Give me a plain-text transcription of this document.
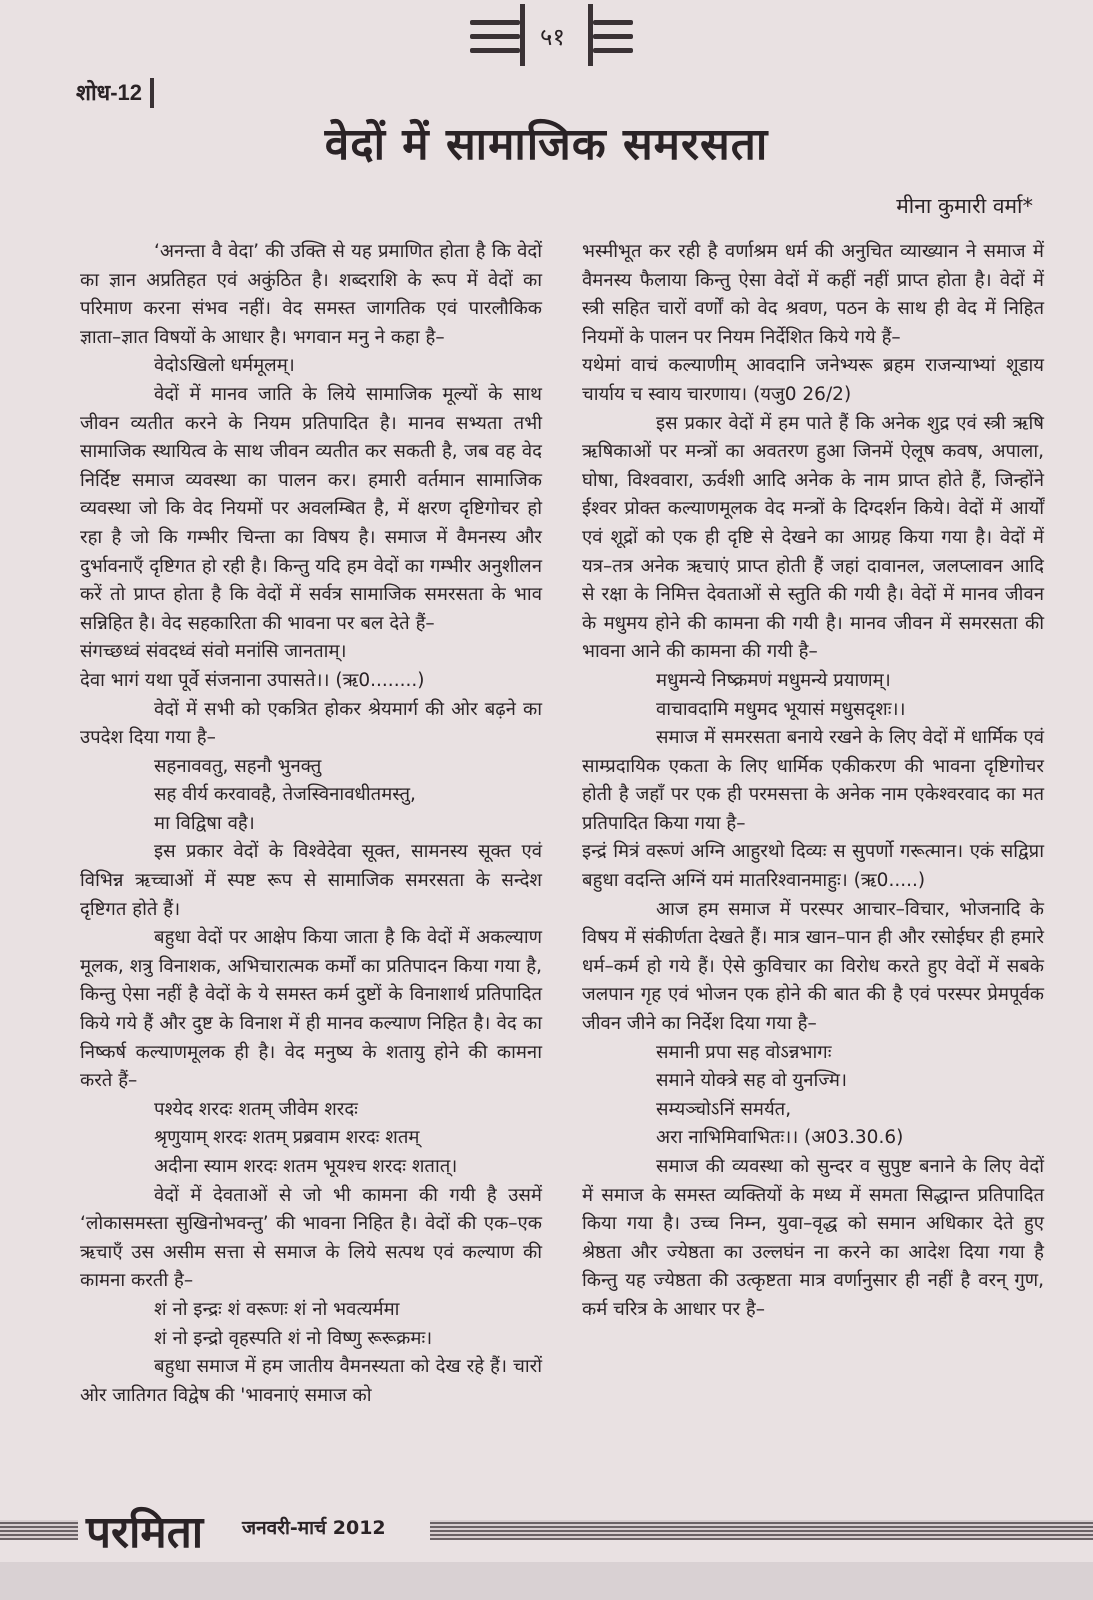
५१
शोध-12
वेदों में सामाजिक समरसता
मीना कुमारी वर्मा*

‘अनन्ता वै वेदा’ की उक्ति से यह प्रमाणित होता है कि वेदों का ज्ञान अप्रतिहत एवं अकुंठित है। शब्दराशि के रूप में वेदों का परिमाण करना संभव नहीं। वेद समस्त जागतिक एवं पारलौकिक ज्ञाता–ज्ञात विषयों के आधार है। भगवान मनु ने कहा है–

वेदोऽखिलो धर्ममूलम्।

वेदों में मानव जाति के लिये सामाजिक मूल्यों के साथ जीवन व्यतीत करने के नियम प्रतिपादित है। मानव सभ्यता तभी सामाजिक स्थायित्व के साथ जीवन व्यतीत कर सकती है, जब वह वेद निर्दिष्ट समाज व्यवस्था का पालन कर। हमारी वर्तमान सामाजिक व्यवस्था जो कि वेद नियमों पर अवलम्बित है, में क्षरण दृष्टिगोचर हो रहा है जो कि गम्भीर चिन्ता का विषय है। समाज में वैमनस्य और दुर्भावनाएँ दृष्टिगत हो रही है। किन्तु यदि हम वेदों का गम्भीर अनुशीलन करें तो प्राप्त होता है कि वेदों में सर्वत्र सामाजिक समरसता के भाव सन्निहित है। वेद सहकारिता की भावना पर बल देते हैं–

संगच्छध्वं संवदध्वं संवो मनांसि जानताम्।

देवा भागं यथा पूर्वे संजनाना उपासते।। (ऋ0........)

वेदों में सभी को एकत्रित होकर श्रेयमार्ग की ओर बढ़ने का उपदेश दिया गया है–

सहनाववतु, सहनौ भुनक्तु

सह वीर्य करवावहै, तेजस्विनावधीतमस्तु,

मा विद्विषा वहै।

इस प्रकार वेदों के विश्वेदेवा सूक्त, सामनस्य सूक्त एवं विभिन्न ऋच्चाओं में स्पष्ट रूप से सामाजिक समरसता के सन्देश दृष्टिगत होते हैं।

बहुधा वेदों पर आक्षेप किया जाता है कि वेदों में अकल्याण मूलक, शत्रु विनाशक, अभिचारात्मक कर्मों का प्रतिपादन किया गया है, किन्तु ऐसा नहीं है वेदों के ये समस्त कर्म दुष्टों के विनाशार्थ प्रतिपादित किये गये हैं और दुष्ट के विनाश में ही मानव कल्याण निहित है। वेद का निष्कर्ष कल्याणमूलक ही है। वेद मनुष्य के शतायु होने की कामना करते हैं–

पश्येद शरदः शतम् जीवेम शरदः

श्रृणुयाम् शरदः शतम् प्रब्रवाम शरदः शतम्

अदीना स्याम शरदः शतम भूयश्च शरदः शतात्।

वेदों में देवताओं से जो भी कामना की गयी है उसमें ‘लोकासमस्ता सुखिनोभवन्तु’ की भावना निहित है। वेदों की एक–एक ऋचाएँ उस असीम सत्ता से समाज के लिये सत्पथ एवं कल्याण की कामना करती है–

शं नो इन्द्रः शं वरूणः शं नो भवत्यर्ममा

शं नो इन्द्रो वृहस्पति शं नो विष्णु रूरूक्रमः।

बहुधा समाज में हम जातीय वैमनस्यता को देख रहे हैं। चारों ओर जातिगत विद्वेष की 'भावनाएं समाज को

भस्मीभूत कर रही है वर्णाश्रम धर्म की अनुचित व्याख्यान ने समाज में वैमनस्य फैलाया किन्तु ऐसा वेदों में कहीं नहीं प्राप्त होता है। वेदों में स्त्री सहित चारों वर्णों को वेद श्रवण, पठन के साथ ही वेद में निहित नियमों के पालन पर नियम निर्देशित किये गये हैं–

यथेमां वाचं कल्याणीम् आवदानि जनेभ्यरू ब्रहम राजन्याभ्यां शूडाय चार्याय च स्वाय चारणाय। (यजु0 26/2)

इस प्रकार वेदों में हम पाते हैं कि अनेक शुद्र एवं स्त्री ऋषि ऋषिकाओं पर मन्त्रों का अवतरण हुआ जिनमें ऐलूष कवष, अपाला, घोषा, विश्ववारा, ऊर्वशी आदि अनेक के नाम प्राप्त होते हैं, जिन्होंने ईश्वर प्रोक्त कल्याणमूलक वेद मन्त्रों के दिग्दर्शन किये। वेदों में आर्यों एवं शूद्रों को एक ही दृष्टि से देखने का आग्रह किया गया है। वेदों में यत्र–तत्र अनेक ऋचाएं प्राप्त होती हैं जहां दावानल, जलप्लावन आदि से रक्षा के निमित्त देवताओं से स्तुति की गयी है। वेदों में मानव जीवन के मधुमय होने की कामना की गयी है। मानव जीवन में समरसता की भावना आने की कामना की गयी है–

मधुमन्ये निष्क्रमणं मधुमन्ये प्रयाणम्।

वाचावदामि मधुमद भूयासं मधुसदृशः।।

समाज में समरसता बनाये रखने के लिए वेदों में धार्मिक एवं साम्प्रदायिक एकता के लिए धार्मिक एकीकरण की भावना दृष्टिगोचर होती है जहाँ पर एक ही परमसत्ता के अनेक नाम एकेश्वरवाद का मत प्रतिपादित किया गया है–

इन्द्रं मित्रं वरूणं अग्नि आहुरथो दिव्यः स सुपर्णो गरूत्मान। एकं सद्विप्रा बहुधा वदन्ति अग्निं यमं मातरिश्वानमाहुः। (ऋ0.....)

आज हम समाज में परस्पर आचार–विचार, भोजनादि के विषय में संकीर्णता देखते हैं। मात्र खान–पान ही और रसोईघर ही हमारे धर्म–कर्म हो गये हैं। ऐसे कुविचार का विरोध करते हुए वेदों में सबके जलपान गृह एवं भोजन एक होने की बात की है एवं परस्पर प्रेमपूर्वक जीवन जीने का निर्देश दिया गया है–

समानी प्रपा सह वोऽन्नभागः

समाने योक्त्रे सह वो युनज्मि।

सम्यञ्चोऽनिं समर्यत,

अरा नाभिमिवाभितः।। (अ03.30.6)

समाज की व्यवस्था को सुन्दर व सुपुष्ट बनाने के लिए वेदों में समाज के समस्त व्यक्तियों के मध्य में समता सिद्धान्त प्रतिपादित किया गया है। उच्च निम्न, युवा–वृद्ध को समान अधिकार देते हुए श्रेष्ठता और ज्येष्ठता का उल्लघंन ना करने का आदेश दिया गया है किन्तु यह ज्येष्ठता की उत्कृष्टता मात्र वर्णानुसार ही नहीं है वरन् गुण, कर्म चरित्र के आधार पर है–

परमिता जनवरी-मार्च 2012
